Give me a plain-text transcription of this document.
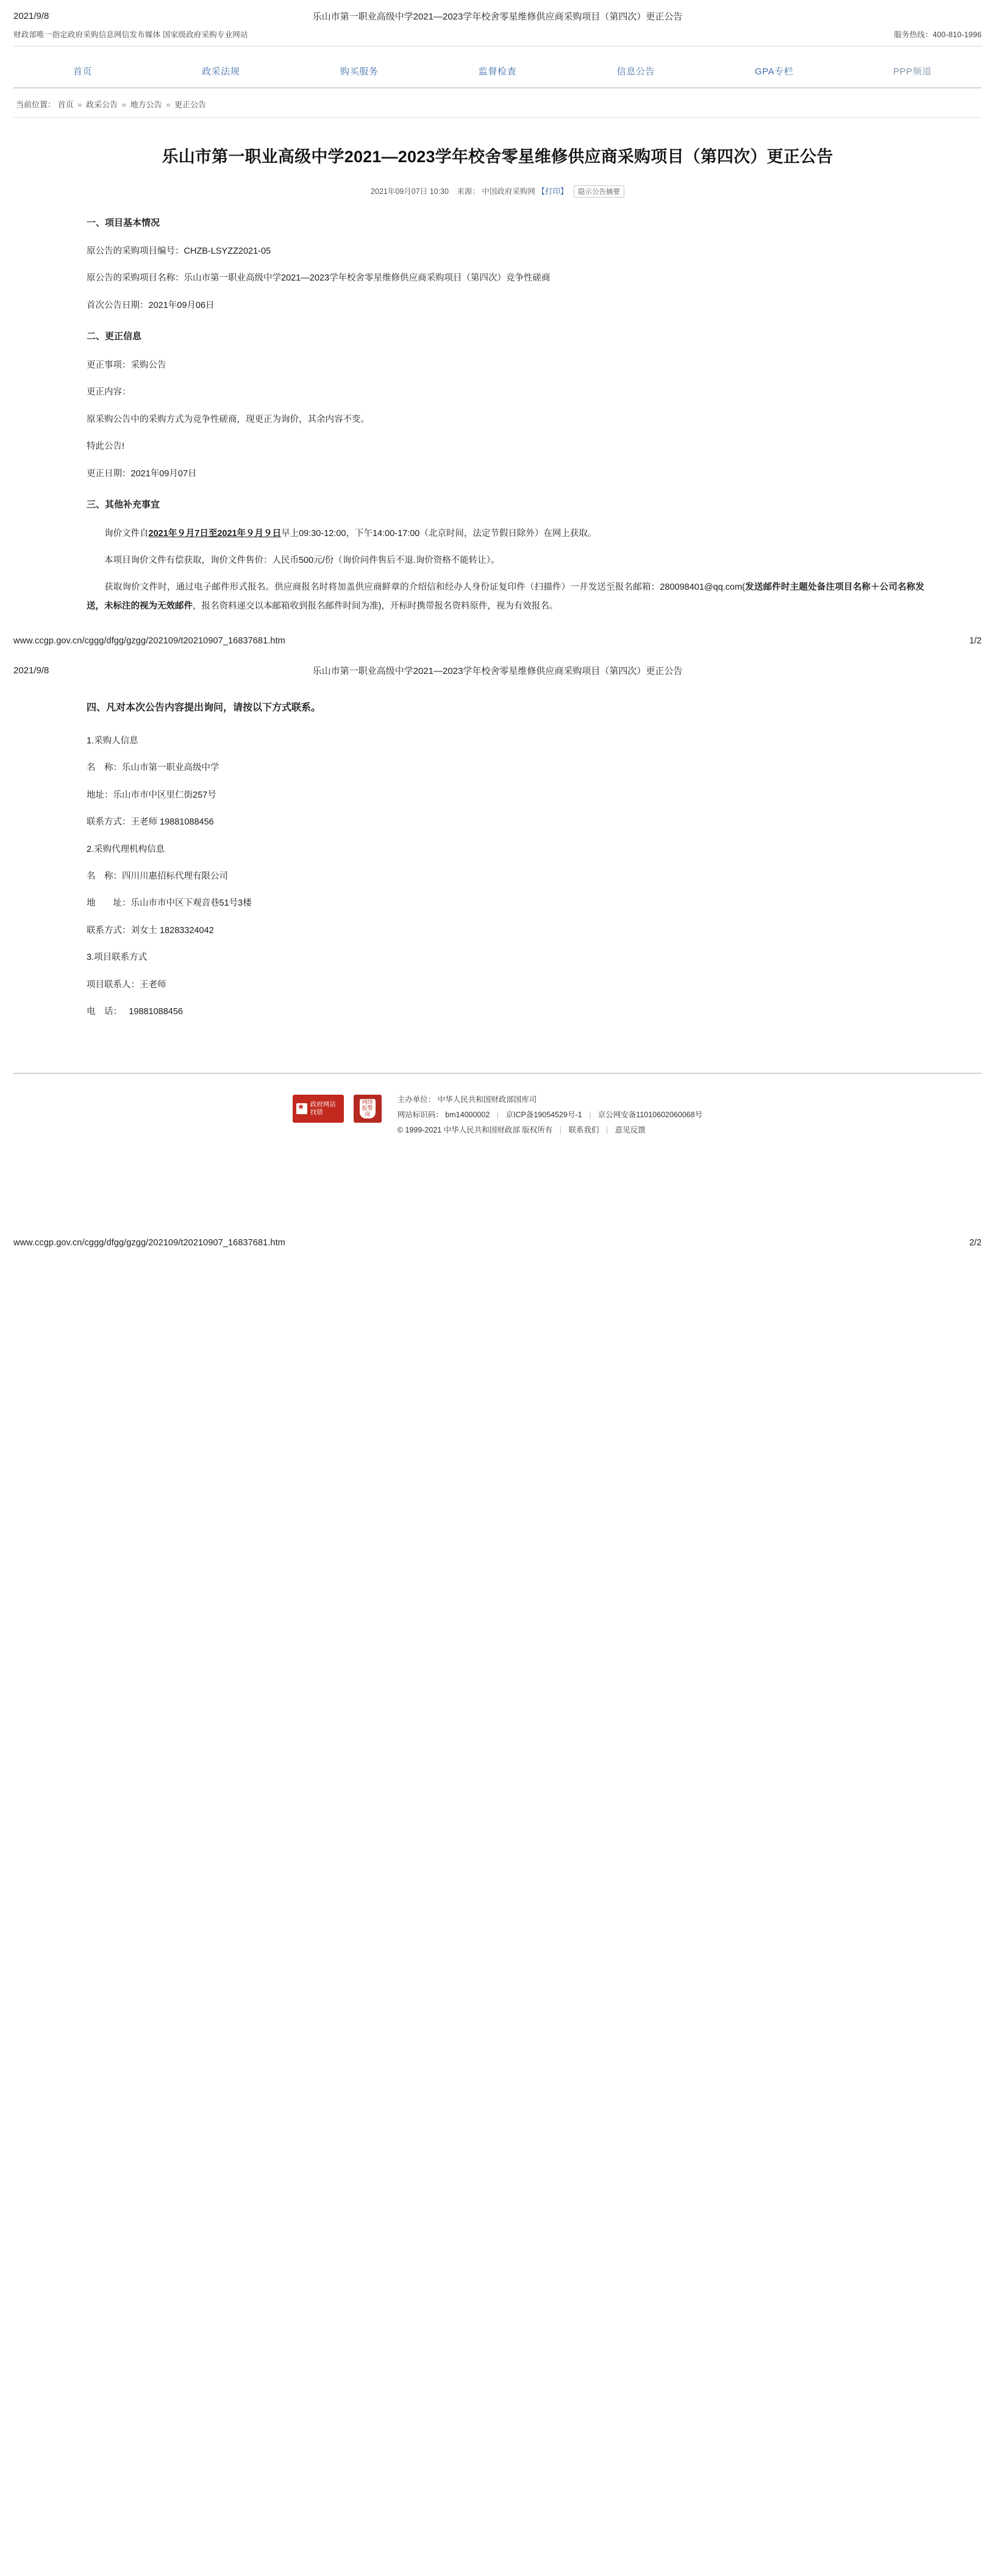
2021/9/8	乐山市第一职业高级中学2021—2023学年校舍零星维修供应商采购项目（第四次）更正公告
财政部唯一指定政府采购信息网信发布媒体 国家级政府采购专业网站	服务热线：400-810-1996
首页	政采法规	购买服务	监督检查	信息公告	GPA专栏	PPP频道
当前位置： 首页 » 政采公告 » 地方公告 » 更正公告
乐山市第一职业高级中学2021—2023学年校舍零星维修供应商采购项目（第四次）更正公告
2021年09月07日 10:30 来源： 中国政府采购网 【打印】 隐示公告摘要

一、项目基本情况

原公告的采购项目编号：CHZB-LSYZZ2021-05

原公告的采购项目名称：乐山市第一职业高级中学2021—2023学年校舍零星维修供应商采购项目（第四次）竞争性磋商

首次公告日期：2021年09月06日

二、更正信息

更正事项：采购公告

更正内容：

原采购公告中的采购方式为竞争性磋商，现更正为询价，其余内容不变。

特此公告!

更正日期：2021年09月07日

三、其他补充事宜

询价文件自2021年９月7日至2021年９月９日早上09:30-12:00，下午14:00-17:00（北京时间，法定节假日除外）在网上获取。

本项目询价文件有偿获取，询价文件售价：人民币500元/份（询价问件售后不退.询价资格不能转让）。

获取询价文件时，通过电子邮件形式报名。供应商报名时将加盖供应商鲜章的介绍信和经办人身份证复印件（扫描件）一并发送至报名邮箱：280098401@qq.com(发送邮件时主题处备注项目名称＋公司名称发送，未标注的视为无效邮件，报名资料递交以本邮箱收到报名邮件时间为准)，开标时携带报名资料原件，视为有效报名。

www.ccgp.gov.cn/cggg/dfgg/gzgg/202109/t20210907_16837681.htm	1/2
2021/9/8	乐山市第一职业高级中学2021—2023学年校舍零星维修供应商采购项目（第四次）更正公告

四、凡对本次公告内容提出询问，请按以下方式联系。

1.采购人信息

名　称：乐山市第一职业高级中学

地址：乐山市市中区里仁街257号

联系方式：王老师 19881088456

2.采购代理机构信息

名　称：四川川惠招标代理有限公司

地　　址：乐山市市中区下观音巷51号3楼

联系方式：刘女士 18283324042

3.项目联系方式

项目联系人：王老师

电　话：　 19881088456

★
政府网站
找错
网络报警岗
主办单位： 中华人民共和国财政部国库司
网站标识码： bm14000002 | 京ICP备19054529号-1 | 京公网安备11010602060068号
© 1999-2021 中华人民共和国财政部 版权所有 | 联系我们 | 意见反馈
www.ccgp.gov.cn/cggg/dfgg/gzgg/202109/t20210907_16837681.htm	2/2
